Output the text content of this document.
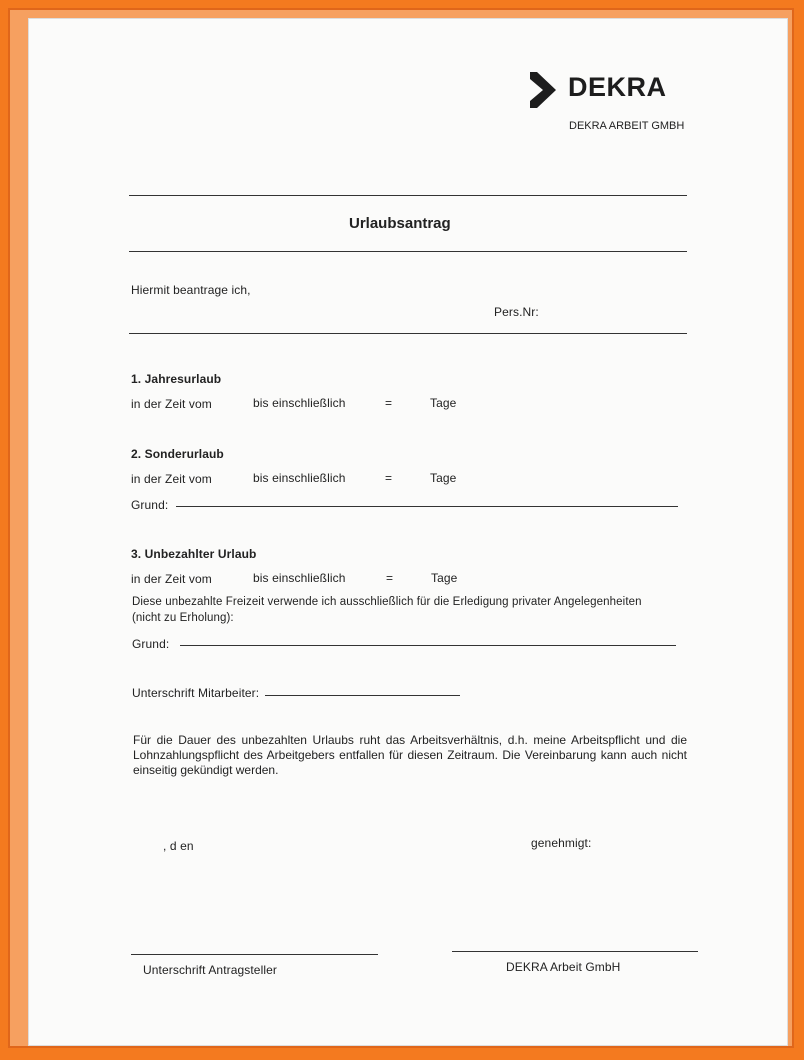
DEKRA
DEKRA ARBEIT GMBH
Urlaubsantrag
Hiermit beantrage ich,
Pers.Nr:
1. Jahresurlaub
in der Zeit vom	bis einschließlich	=	Tage
2. Sonderurlaub
in der Zeit vom	bis einschließlich	=	Tage
Grund:
3. Unbezahlter Urlaub
in der Zeit vom	bis einschließlich	=	Tage
Diese unbezahlte Freizeit verwende ich ausschließlich für die Erledigung privater Angelegenheiten
(nicht zu Erholung):
Grund:
Unterschrift Mitarbeiter:
Für die Dauer des unbezahlten Urlaubs ruht das Arbeitsverhältnis, d.h. meine Arbeitspflicht und die Lohnzahlungspflicht des Arbeitgebers entfallen für diesen Zeitraum. Die Vereinbarung kann auch nicht einseitig gekündigt werden.
, d en	genehmigt:
Unterschrift Antragsteller	DEKRA Arbeit GmbH
